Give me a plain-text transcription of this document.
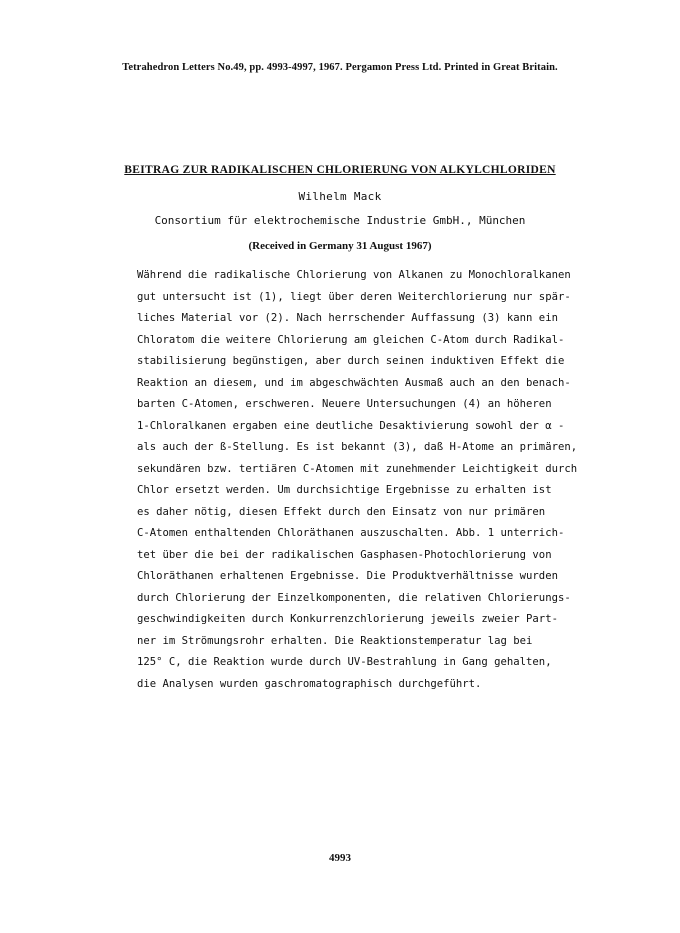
Tetrahedron Letters No.49, pp. 4993-4997, 1967. Pergamon Press Ltd. Printed in Great Britain.
BEITRAG ZUR RADIKALISCHEN CHLORIERUNG VON ALKYLCHLORIDEN
Wilhelm Mack
Consortium für elektrochemische Industrie GmbH., München
(Received in Germany 31 August 1967)
Während die radikalische Chlorierung von Alkanen zu Monochloralkanen
gut untersucht ist (1), liegt über deren Weiterchlorierung nur spär-
liches Material vor (2). Nach herrschender Auffassung (3) kann ein
Chloratom die weitere Chlorierung am gleichen C-Atom durch Radikal-
stabilisierung begünstigen, aber durch seinen induktiven Effekt die
Reaktion an diesem, und im abgeschwächten Ausmaß auch an den benach-
barten C-Atomen, erschweren. Neuere Untersuchungen (4) an höheren
1-Chloralkanen ergaben eine deutliche Desaktivierung sowohl der α -
als auch der ß-Stellung. Es ist bekannt (3), daß H-Atome an primären,
sekundären bzw. tertiären C-Atomen mit zunehmender Leichtigkeit durch
Chlor ersetzt werden. Um durchsichtige Ergebnisse zu erhalten ist
es daher nötig, diesen Effekt durch den Einsatz von nur primären
C-Atomen enthaltenden Chloräthanen auszuschalten. Abb. 1 unterrich-
tet über die bei der radikalischen Gasphasen-Photochlorierung von
Chloräthanen erhaltenen Ergebnisse. Die Produktverhältnisse wurden
durch Chlorierung der Einzelkomponenten, die relativen Chlorierungs-
geschwindigkeiten durch Konkurrenzchlorierung jeweils zweier Part-
ner im Strömungsrohr erhalten. Die Reaktionstemperatur lag bei
125° C, die Reaktion wurde durch UV-Bestrahlung in Gang gehalten,
die Analysen wurden gaschromatographisch durchgeführt.
4993
